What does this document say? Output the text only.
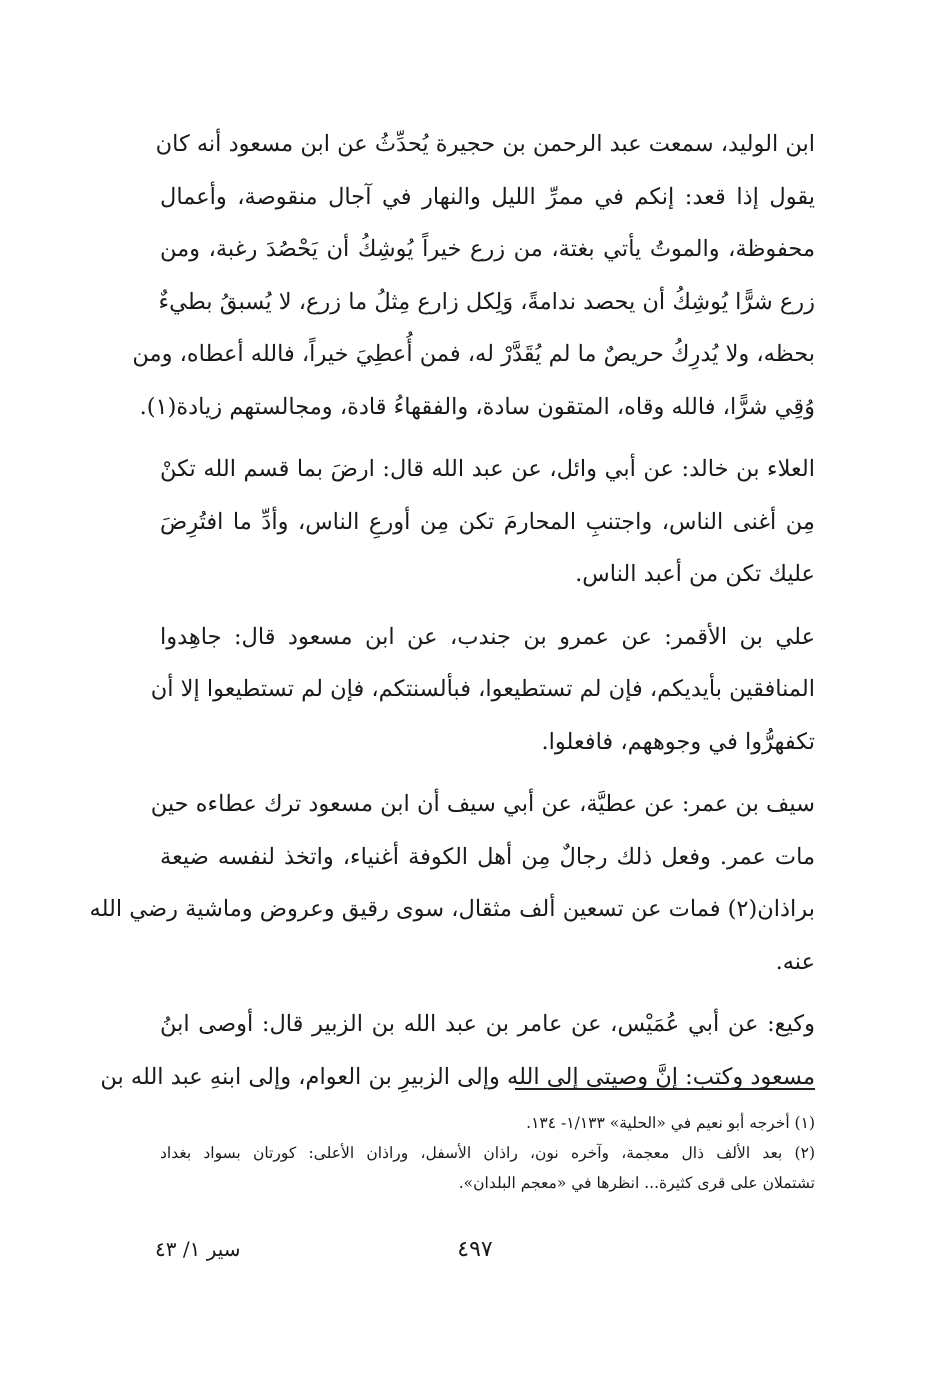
ابن الوليد، سمعت عبد الرحمن بن حجيرة يُحدِّثُ عن ابن مسعود أنه كان
يقول إذا قعد: إنكم في ممرِّ الليل والنهار في آجال منقوصة، وأعمال
محفوظة، والموتُ يأتي بغتة، من زرع خيراً يُوشِكُ أن يَحْصُدَ رغبة، ومن
زرع شرًّا يُوشِكُ أن يحصد ندامةً، وَلِكل زارع مِثلُ ما زرع، لا يُسبقُ بطيءٌ
بحظه، ولا يُدرِكُ حريصٌ ما لم يُقَدَّرْ له، فمن أُعطِيَ خيراً، فالله أعطاه، ومن
وُقِي شرًّا، فالله وقاه، المتقون سادة، والفقهاءُ قادة، ومجالستهم زيادة(١).
العلاء بن خالد: عن أبي وائل، عن عبد الله قال: ارضَ بما قسم الله تكنْ
مِن أغنى الناس، واجتنبِ المحارمَ تكن مِن أورعِ الناس، وأدِّ ما افتُرِضَ
عليك تكن من أعبد الناس.
علي بن الأقمر: عن عمرو بن جندب، عن ابن مسعود قال: جاهِدوا
المنافقين بأيديكم، فإن لم تستطيعوا، فبألسنتكم، فإن لم تستطيعوا إلا أن
تكفهرُّوا في وجوههم، فافعلوا.
سيف بن عمر: عن عطيَّة، عن أبي سيف أن ابن مسعود ترك عطاءه حين
مات عمر. وفعل ذلك رجالٌ مِن أهل الكوفة أغنياء، واتخذ لنفسه ضيعة
براذان(٢) فمات عن تسعين ألف مثقال، سوى رقيق وعروض وماشية رضي الله
عنه.
وكيع: عن أبي عُمَيْس، عن عامر بن عبد الله بن الزبير قال: أوصى ابنُ
مسعود وكتب: إنَّ وصيتي إلى الله وإلى الزبيرِ بن العوام، وإلى ابنهِ عبد الله بن
(١) أخرجه أبو نعيم في «الحلية» ١/١٣٣- ١٣٤.
(٢) بعد الألف ذال معجمة، وآخره نون، راذان الأسفل، وراذان الأعلى: كورتان بسواد بغداد
تشتملان على قرى كثيرة... انظرها في «معجم البلدان».
٤٩٧
سير ١/ ٤٣
